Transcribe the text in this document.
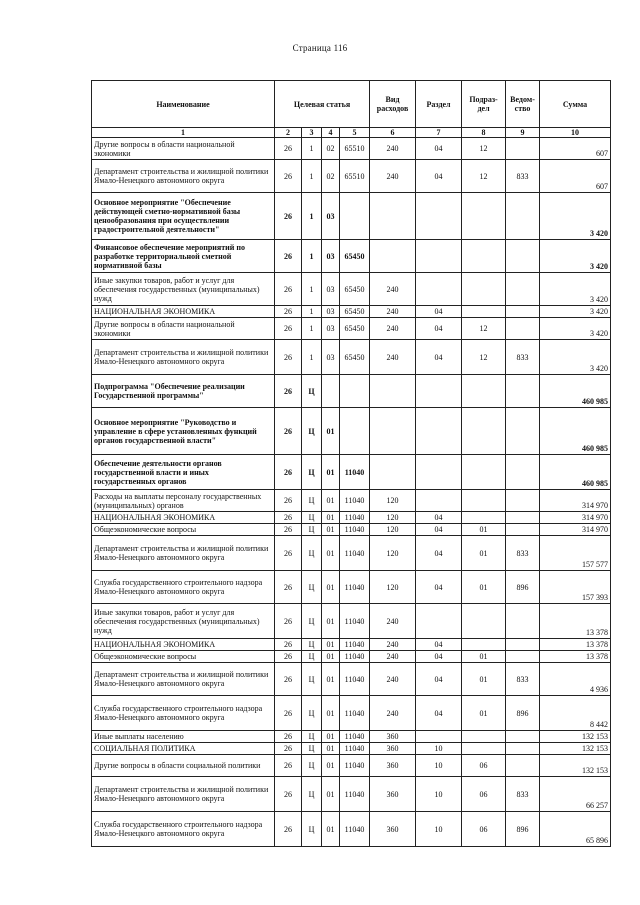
Страница 116
Наименование	Целевая статья				Вид расходов	Раздел	Подраз-дел	Ведом-ство	Сумма
1	2	3	4	5	6	7	8	9	10
Другие вопросы в области национальной экономики	26	1	02	65510	240	04	12		607
Департамент строительства и жилищной политики Ямало-Ненецкого автономного округа	26	1	02	65510	240	04	12	833	607
Основное мероприятие "Обеспечение действующей сметно-нормативной базы ценообразования при осуществлении градостроительной деятельности"	26	1	03						3 420
Финансовое обеспечение мероприятий по разработке территориальной сметной нормативной базы	26	1	03	65450					3 420
Иные закупки товаров, работ и услуг для обеспечения государственных (муниципальных) нужд	26	1	03	65450	240				3 420
НАЦИОНАЛЬНАЯ ЭКОНОМИКА	26	1	03	65450	240	04			3 420
Другие вопросы в области национальной экономики	26	1	03	65450	240	04	12		3 420
Департамент строительства и жилищной политики Ямало-Ненецкого автономного округа	26	1	03	65450	240	04	12	833	3 420
Подпрограмма "Обеспечение реализации Государственной программы"	26	Ц							460 985
Основное мероприятие "Руководство и управление в сфере установленных функций органов государственной власти"	26	Ц	01						460 985
Обеспечение деятельности органов государственной власти и иных государственных органов	26	Ц	01	11040					460 985
Расходы на выплаты персоналу государственных (муниципальных) органов	26	Ц	01	11040	120				314 970
НАЦИОНАЛЬНАЯ ЭКОНОМИКА	26	Ц	01	11040	120	04			314 970
Общеэкономические вопросы	26	Ц	01	11040	120	04	01		314 970
Департамент строительства и жилищной политики Ямало-Ненецкого автономного округа	26	Ц	01	11040	120	04	01	833	157 577
Служба государственного строительного надзора Ямало-Ненецкого автономного округа	26	Ц	01	11040	120	04	01	896	157 393
Иные закупки товаров, работ и услуг для обеспечения государственных (муниципальных) нужд	26	Ц	01	11040	240				13 378
НАЦИОНАЛЬНАЯ ЭКОНОМИКА	26	Ц	01	11040	240	04			13 378
Общеэкономические вопросы	26	Ц	01	11040	240	04	01		13 378
Департамент строительства и жилищной политики Ямало-Ненецкого автономного округа	26	Ц	01	11040	240	04	01	833	4 936
Служба государственного строительного надзора Ямало-Ненецкого автономного округа	26	Ц	01	11040	240	04	01	896	8 442
Иные выплаты населению	26	Ц	01	11040	360				132 153
СОЦИАЛЬНАЯ ПОЛИТИКА	26	Ц	01	11040	360	10			132 153
Другие вопросы в области социальной политики	26	Ц	01	11040	360	10	06		132 153
Департамент строительства и жилищной политики Ямало-Ненецкого автономного округа	26	Ц	01	11040	360	10	06	833	66 257
Служба государственного строительного надзора Ямало-Ненецкого автономного округа	26	Ц	01	11040	360	10	06	896	65 896
